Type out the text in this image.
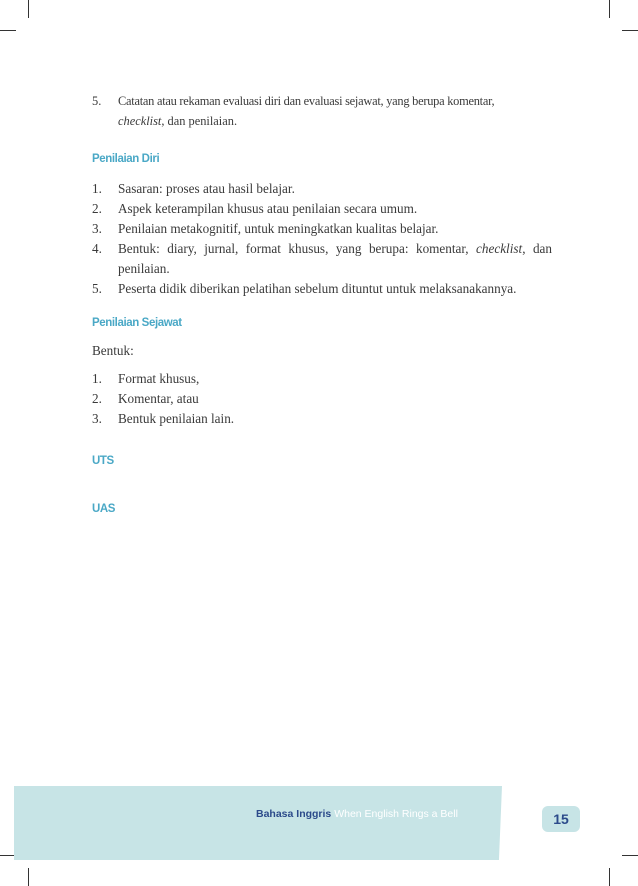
5.	Catatan atau rekaman evaluasi diri dan evaluasi sejawat, yang berupa komentar,
checklist, dan penilaian.
Penilaian Diri
1.	Sasaran: proses atau hasil belajar.
2.	Aspek keterampilan khusus atau penilaian secara umum.
3.	Penilaian metakognitif, untuk meningkatkan kualitas belajar.
4.	Bentuk: diary, jurnal, format khusus, yang berupa: komentar, checklist, dan penilaian.
5.	Peserta didik diberikan pelatihan sebelum dituntut untuk melaksanakannya.
Penilaian Sejawat
Bentuk:
1.	Format khusus,
2.	Komentar, atau
3.	Bentuk penilaian lain.
UTS
UAS
Bahasa Inggris When English Rings a Bell	15
